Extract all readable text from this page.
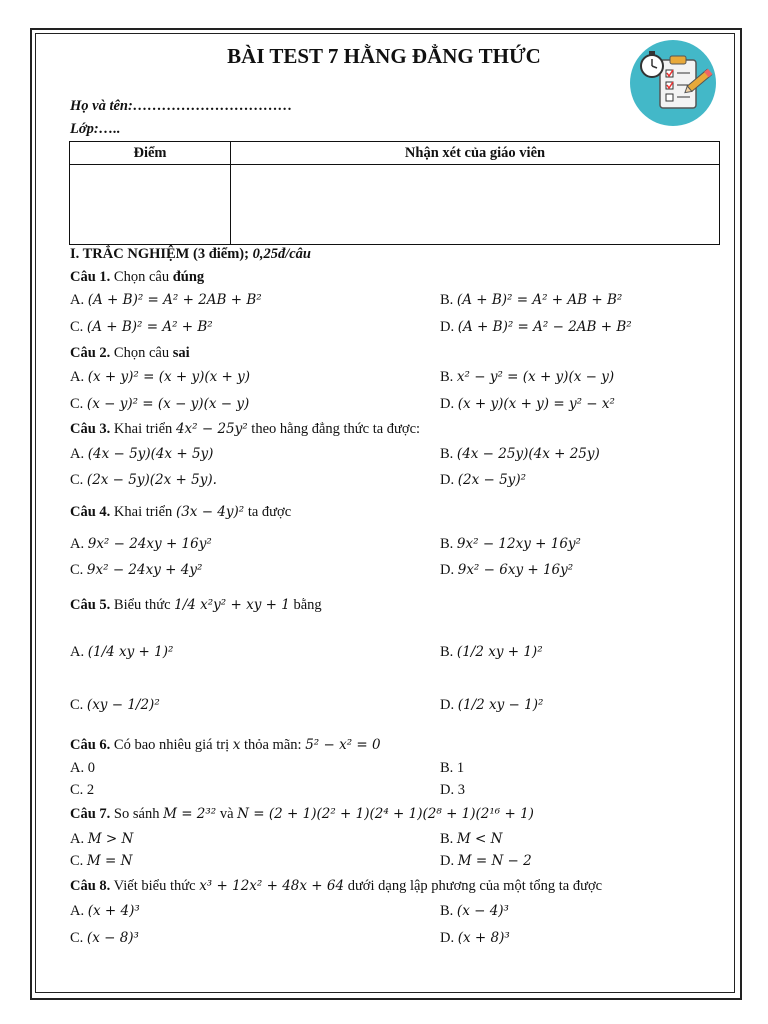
BÀI TEST 7 HẰNG ĐẲNG THỨC
Họ và tên:……………………………
Lớp:…..
Điểm	Nhận xét của giáo viên

I. TRẮC NGHIỆM (3 điểm); 0,25đ/câu
Câu 1. Chọn câu đúng
A. (A + B)² = A² + 2AB + B²	B. (A + B)² = A² + AB + B²
C. (A + B)² = A² + B²	D. (A + B)² = A² − 2AB + B²
Câu 2. Chọn câu sai
A. (x + y)² = (x + y)(x + y)	B. x² − y² = (x + y)(x − y)
C. (x − y)² = (x − y)(x − y)	D. (x + y)(x + y) = y² − x²
Câu 3. Khai triển 4x² − 25y² theo hằng đẳng thức ta được:
A. (4x − 5y)(4x + 5y)	B. (4x − 25y)(4x + 25y)
C. (2x − 5y)(2x + 5y).	D. (2x − 5y)²
Câu 4. Khai triển (3x − 4y)² ta được
A. 9x² − 24xy + 16y²	B. 9x² − 12xy + 16y²
C. 9x² − 24xy + 4y²	D. 9x² − 6xy + 16y²
Câu 5. Biểu thức 1/4 x²y² + xy + 1 bằng
A. (1/4 xy + 1)²	B. (1/2 xy + 1)²
C. (xy − 1/2)²	D. (1/2 xy − 1)²
Câu 6. Có bao nhiêu giá trị x thỏa mãn: 5² − x² = 0
A. 0	B. 1
C. 2	D. 3
Câu 7. So sánh M = 2³² và N = (2 + 1)(2² + 1)(2⁴ + 1)(2⁸ + 1)(2¹⁶ + 1)
A. M > N	B. M < N
C. M = N	D. M = N − 2
Câu 8. Viết biểu thức x³ + 12x² + 48x + 64 dưới dạng lập phương của một tổng ta được
A. (x + 4)³	B. (x − 4)³
C. (x − 8)³	D. (x + 8)³
